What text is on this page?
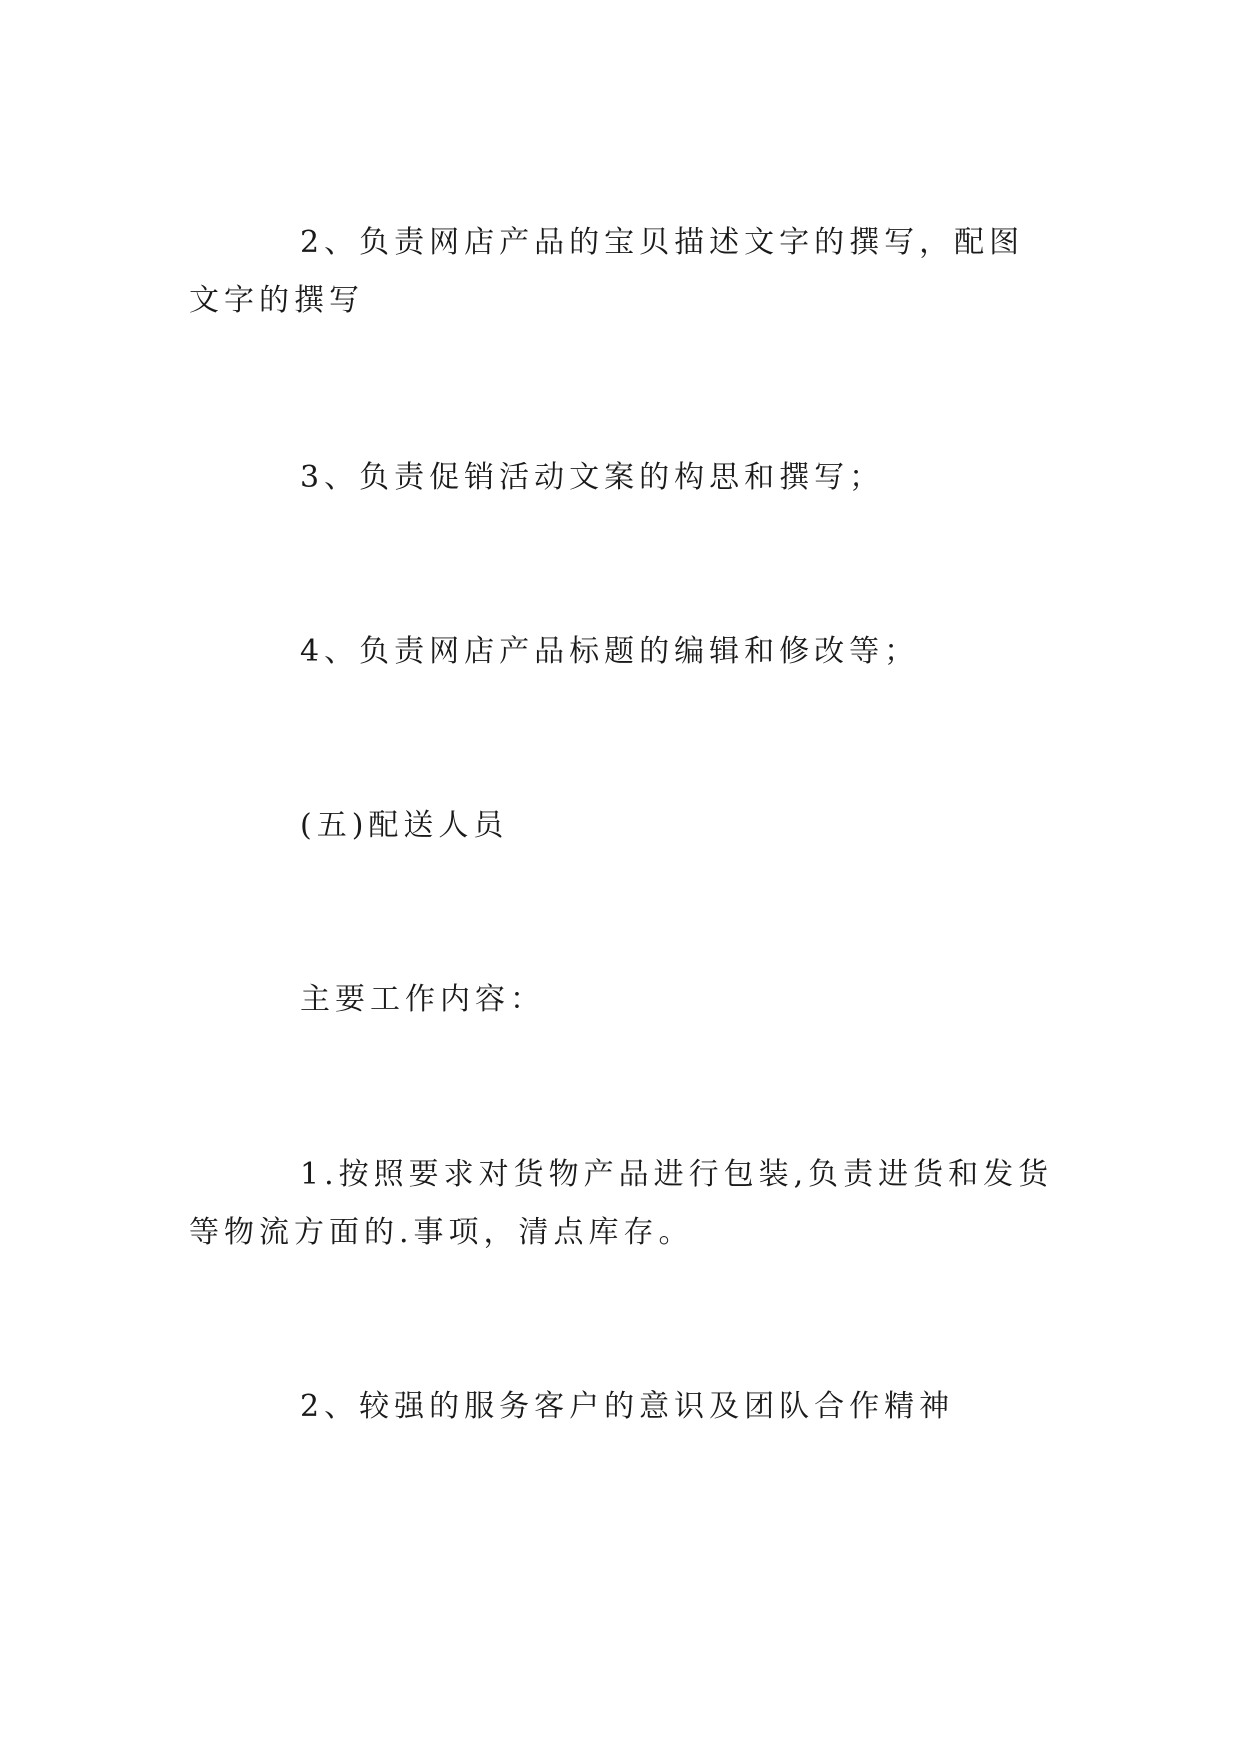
2、负责网店产品的宝贝描述文字的撰写，配图文字的撰写

3、负责促销活动文案的构思和撰写；

4、负责网店产品标题的编辑和修改等；

(五)配送人员

主要工作内容：

1.按照要求对货物产品进行包装,负责进货和发货等物流方面的.事项，清点库存。

2、较强的服务客户的意识及团队合作精神
